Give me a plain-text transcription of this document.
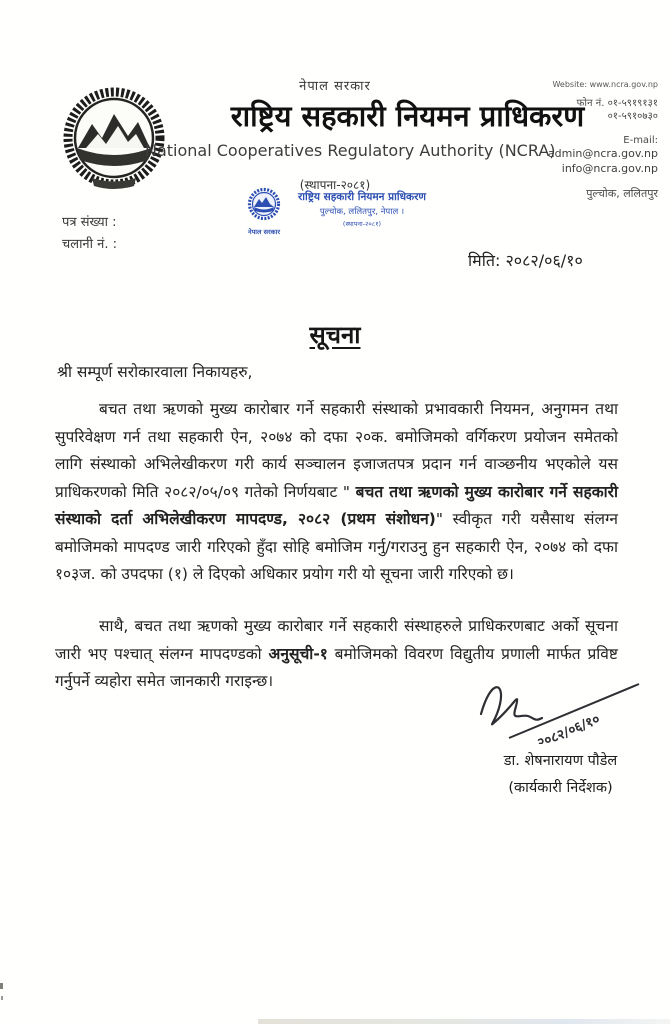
नेपाल सरकार
राष्ट्रिय सहकारी नियमन प्राधिकरण
National Cooperatives Regulatory Authority (NCRA)
(स्थापना-२०८१)
Website: www.ncra.gov.np
फोन नं. ०१-५९१९१३१
०१-५९१०७३०
E-mail:
admin@ncra.gov.np
info@ncra.gov.np
पुल्चोक, ललितपुर
नेपाल सरकार
राष्ट्रिय सहकारी नियमन प्राधिकरण
पुल्चोक, ललितपुर, नेपाल ।
(स्थापना-२०८१)
पत्र संख्या :
चलानी नं. :
मिति: २०८२/०६/१०
सूचना
श्री सम्पूर्ण सरोकारवाला निकायहरु,
बचत तथा ऋणको मुख्य कारोबार गर्ने सहकारी संस्थाको प्रभावकारी नियमन, अनुगमन तथा सुपरिवेक्षण गर्न तथा सहकारी ऐन, २०७४ को दफा २०क. बमोजिमको वर्गिकरण प्रयोजन समेतको लागि संस्थाको अभिलेखीकरण गरी कार्य सञ्चालन इजाजतपत्र प्रदान गर्न वाञ्छनीय भएकोले यस प्राधिकरणको मिति २०८२/०५/०९ गतेको निर्णयबाट " बचत तथा ऋणको मुख्य कारोबार गर्ने सहकारी संस्थाको दर्ता अभिलेखीकरण मापदण्ड, २०८२ (प्रथम संशोधन)" स्वीकृत गरी यसैसाथ संलग्न बमोजिमको मापदण्ड जारी गरिएको हुँदा सोहि बमोजिम गर्नु/गराउनु हुन सहकारी ऐन, २०७४ को दफा १०३ज. को उपदफा (१) ले दिएको अधिकार प्रयोग गरी यो सूचना जारी गरिएको छ।
साथै, बचत तथा ऋणको मुख्य कारोबार गर्ने सहकारी संस्थाहरुले प्राधिकरणबाट अर्को सूचना जारी भए पश्चात् संलग्न मापदण्डको अनुसूची-१ बमोजिमको विवरण विद्युतीय प्रणाली मार्फत प्रविष्ट गर्नुपर्ने व्यहोरा समेत जानकारी गराइन्छ।
२०८२/०६/१०
डा. शेषनारायण पौडेल
(कार्यकारी निर्देशक)
